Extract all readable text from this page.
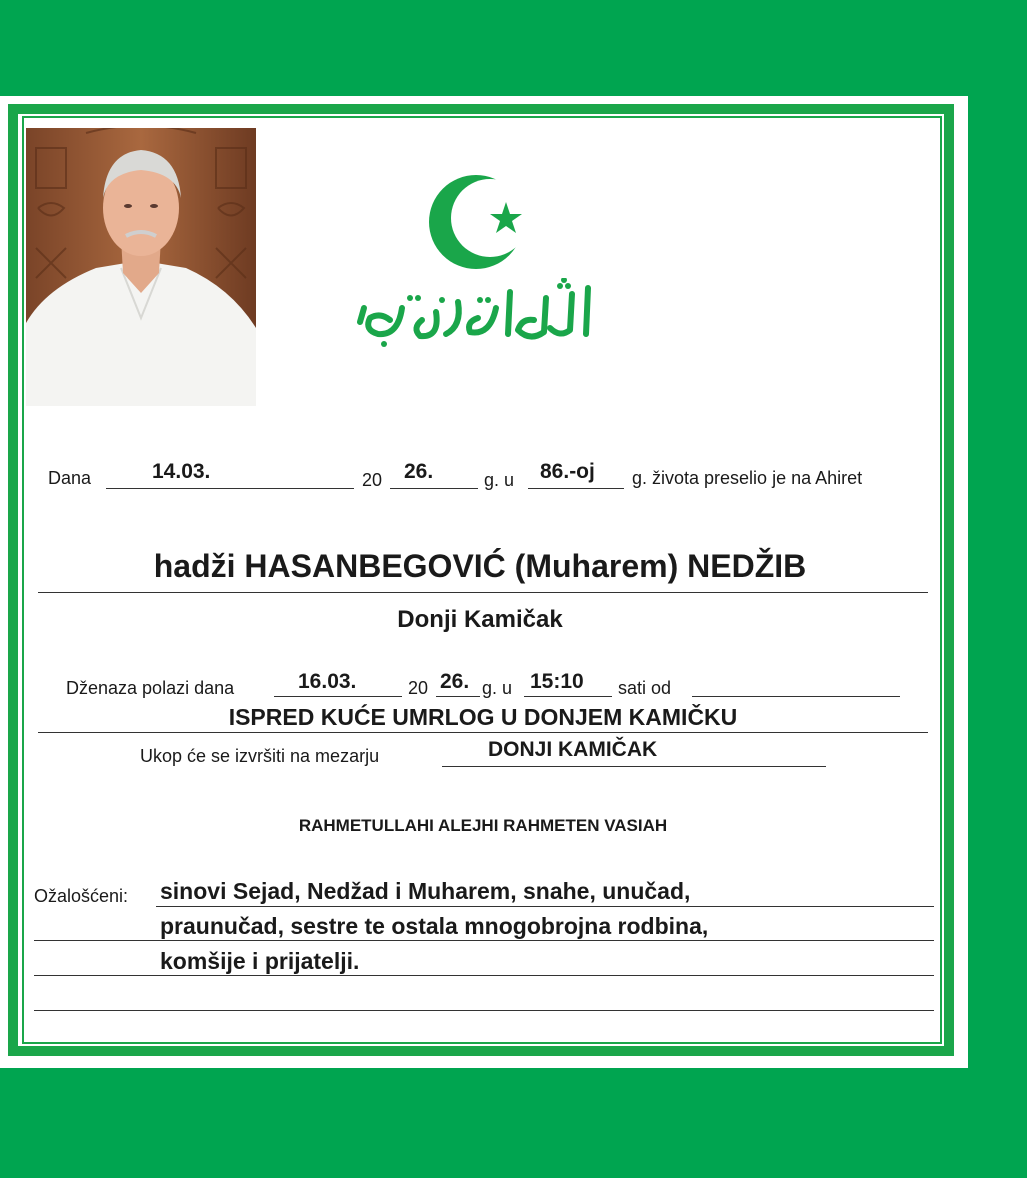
Dana	14.03.	20 26.	g. u 86.-oj g. života preselio je na Ahiret
hadži HASANBEGOVIĆ (Muharem) NEDŽIB
Donji Kamičak
Dženaza polazi dana	16.03.	20 26. g. u 15:10 sati od
ISPRED KUĆE UMRLOG U DONJEM KAMIČKU
Ukop će se izvršiti na mezarju	DONJI KAMIČAK
RAHMETULLAHI ALEJHI RAHMETEN VASIAH
Ožalošćeni: sinovi Sejad, Nedžad i Muharem, snahe, unučad,
praunučad, sestre te ostala mnogobrojna rodbina,
komšije i prijatelji.
